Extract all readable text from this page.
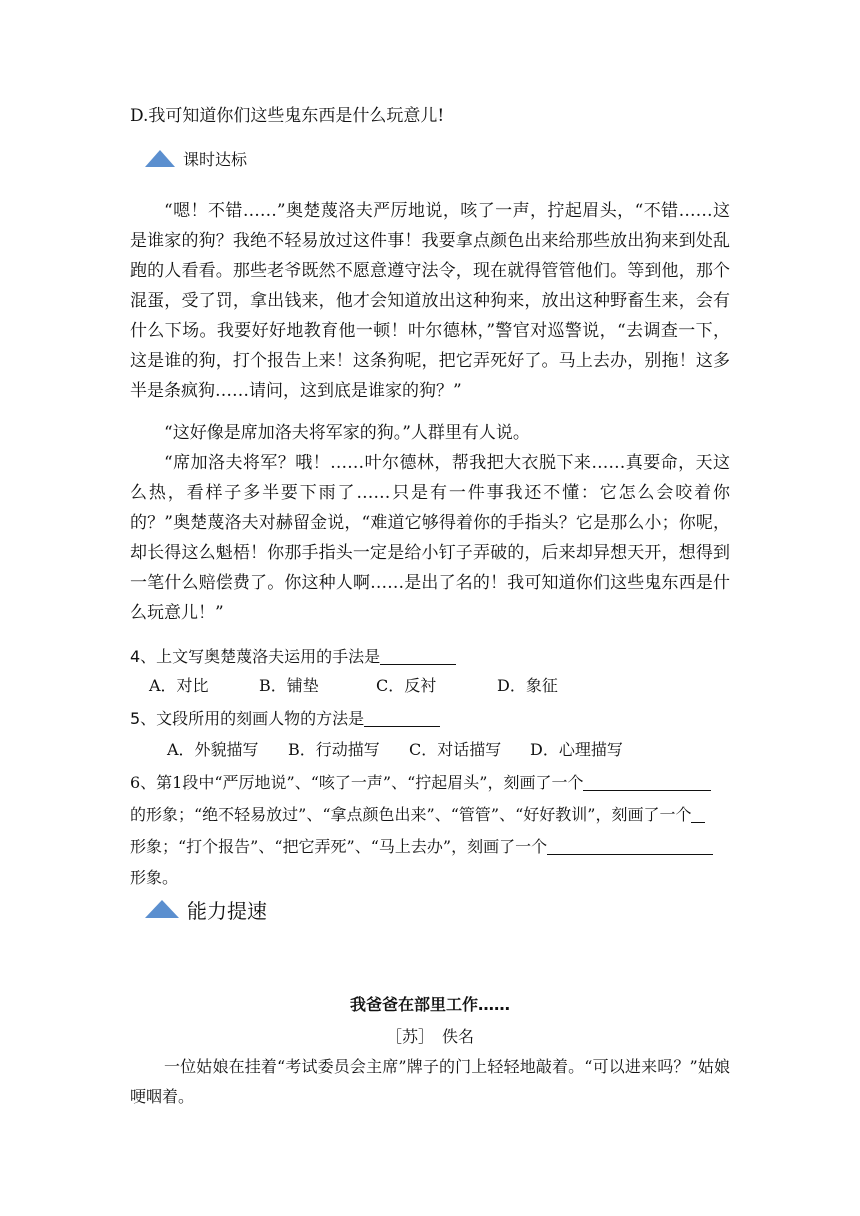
D.我可知道你们这些鬼东西是什么玩意儿!
课时达标
“嗯！不错……”奥楚蔑洛夫严厉地说，咳了一声，拧起眉头，“不错……这是谁家的狗？我绝不轻易放过这件事！我要拿点颜色出来给那些放出狗来到处乱跑的人看看。那些老爷既然不愿意遵守法令，现在就得管管他们。等到他，那个混蛋，受了罚，拿出钱来，他才会知道放出这种狗来，放出这种野畜生来，会有什么下场。我要好好地教育他一顿！叶尔德林，”警官对巡警说，“去调查一下，这是谁的狗，打个报告上来！这条狗呢，把它弄死好了。马上去办，别拖！这多半是条疯狗……请问，这到底是谁家的狗？”
“这好像是席加洛夫将军家的狗。”人群里有人说。
“席加洛夫将军？哦！……叶尔德林，帮我把大衣脱下来……真要命，天这么热，看样子多半要下雨了……只是有一件事我还不懂：它怎么会咬着你的？”奥楚蔑洛夫对赫留金说，“难道它够得着你的手指头？它是那么小；你呢，却长得这么魁梧！你那手指头一定是给小钉子弄破的，后来却异想天开，想得到一笔什么赔偿费了。你这种人啊……是出了名的！我可知道你们这些鬼东西是什么玩意儿！”
4、上文写奥楚蔑洛夫运用的手法是
A．对比	B．铺垫	C．反衬	D．象征
5、文段所用的刻画人物的方法是
A．外貌描写 B．行动描写 C．对话描写 D．心理描写
6、第1段中“严厉地说”、“咳了一声”、“拧起眉头”，刻画了一个
的形象；“绝不轻易放过”、“拿点颜色出来”、“管管”、“好好教训”，刻画了一个
形象；“打个报告”、“把它弄死”、“马上去办”，刻画了一个
形象。
能力提速
我爸爸在部里工作……
［苏］　佚名
一位姑娘在挂着“考试委员会主席”牌子的门上轻轻地敲着。“可以进来吗？”姑娘哽咽着。
